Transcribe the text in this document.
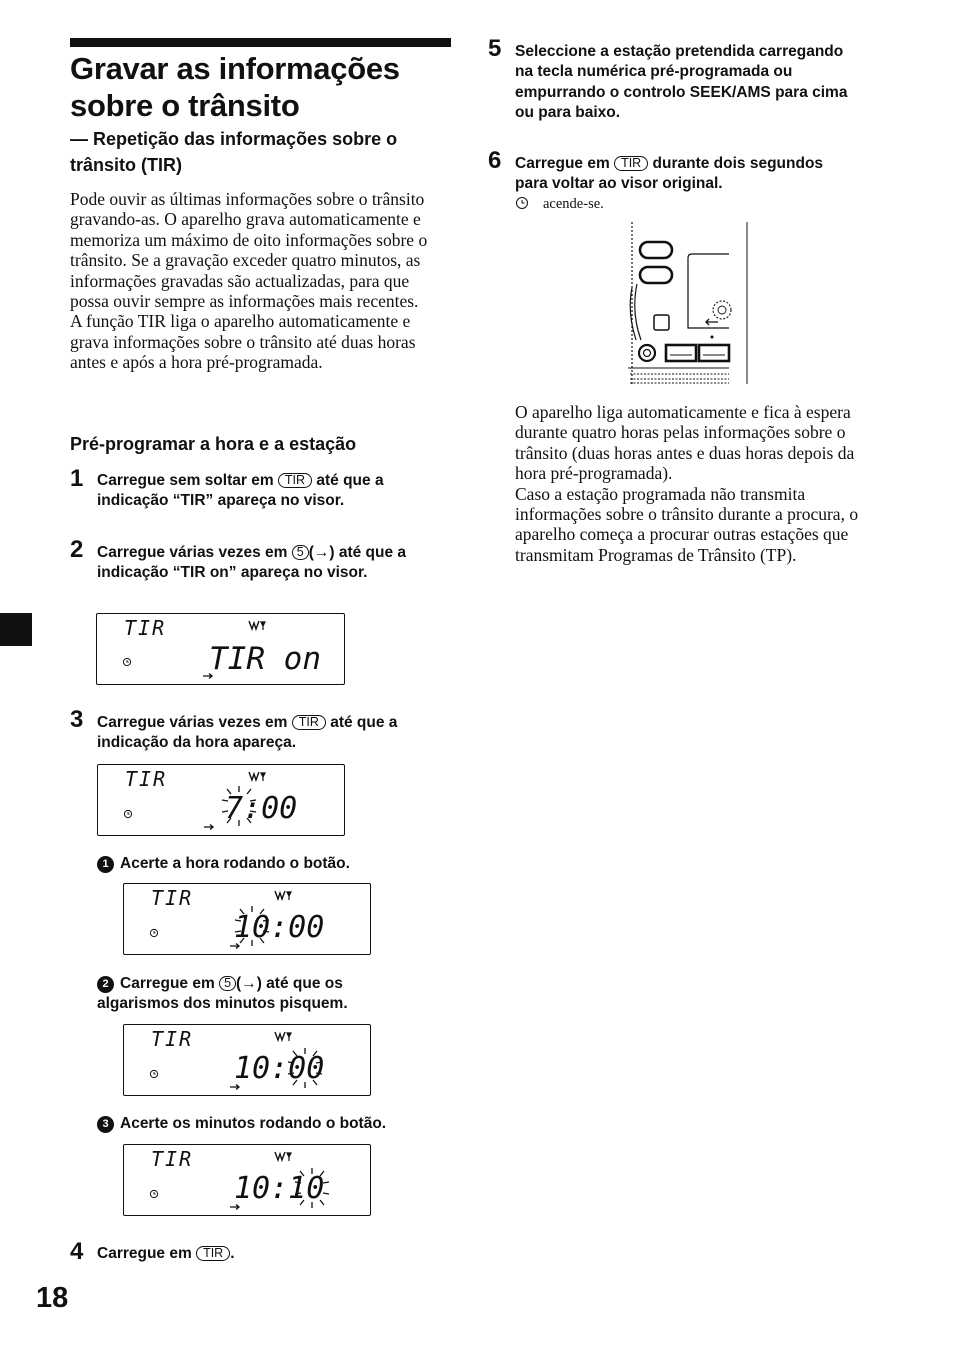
Gravar as informações
sobre o trânsito
— Repetição das informações sobre o
trânsito (TIR)

Pode ouvir as últimas informações sobre o trânsito gravando-as. O aparelho grava automaticamente e memoriza um máximo de oito informações sobre o trânsito. Se a gravação exceder quatro minutos, as informações gravadas são actualizadas, para que possa ouvir sempre as informações mais recentes.

A função TIR liga o aparelho automaticamente e grava informações sobre o trânsito até duas horas antes e após a hora pré-programada.

Pré-programar a hora e a estação
1 Carregue sem soltar em TIR até que a indicação “TIR” apareça no visor.
2 Carregue várias vezes em 5 (→) até que a indicação “TIR on” apareça no visor.
TIR
TIR on
3 Carregue várias vezes em TIR até que a indicação da hora apareça.
TIR
7:00
1 Acerte a hora rodando o botão.
TIR
10:00
2 Carregue em 5 (→) até que os algarismos dos minutos pisquem.
TIR
10:00
3 Acerte os minutos rodando o botão.
TIR
10:10
4 Carregue em TIR .
18
5 Seleccione a estação pretendida carregando na tecla numérica pré-programada ou empurrando o controlo SEEK/AMS para cima ou para baixo.
6 Carregue em TIR durante dois segundos para voltar ao visor original.
acende-se.

O aparelho liga automaticamente e fica à espera durante quatro horas pelas informações sobre o trânsito (duas horas antes e duas horas depois da hora pré-programada).

Caso a estação programada não transmita informações sobre o trânsito durante a procura, o aparelho começa a procurar outras estações que transmitam Programas de Trânsito (TP).
